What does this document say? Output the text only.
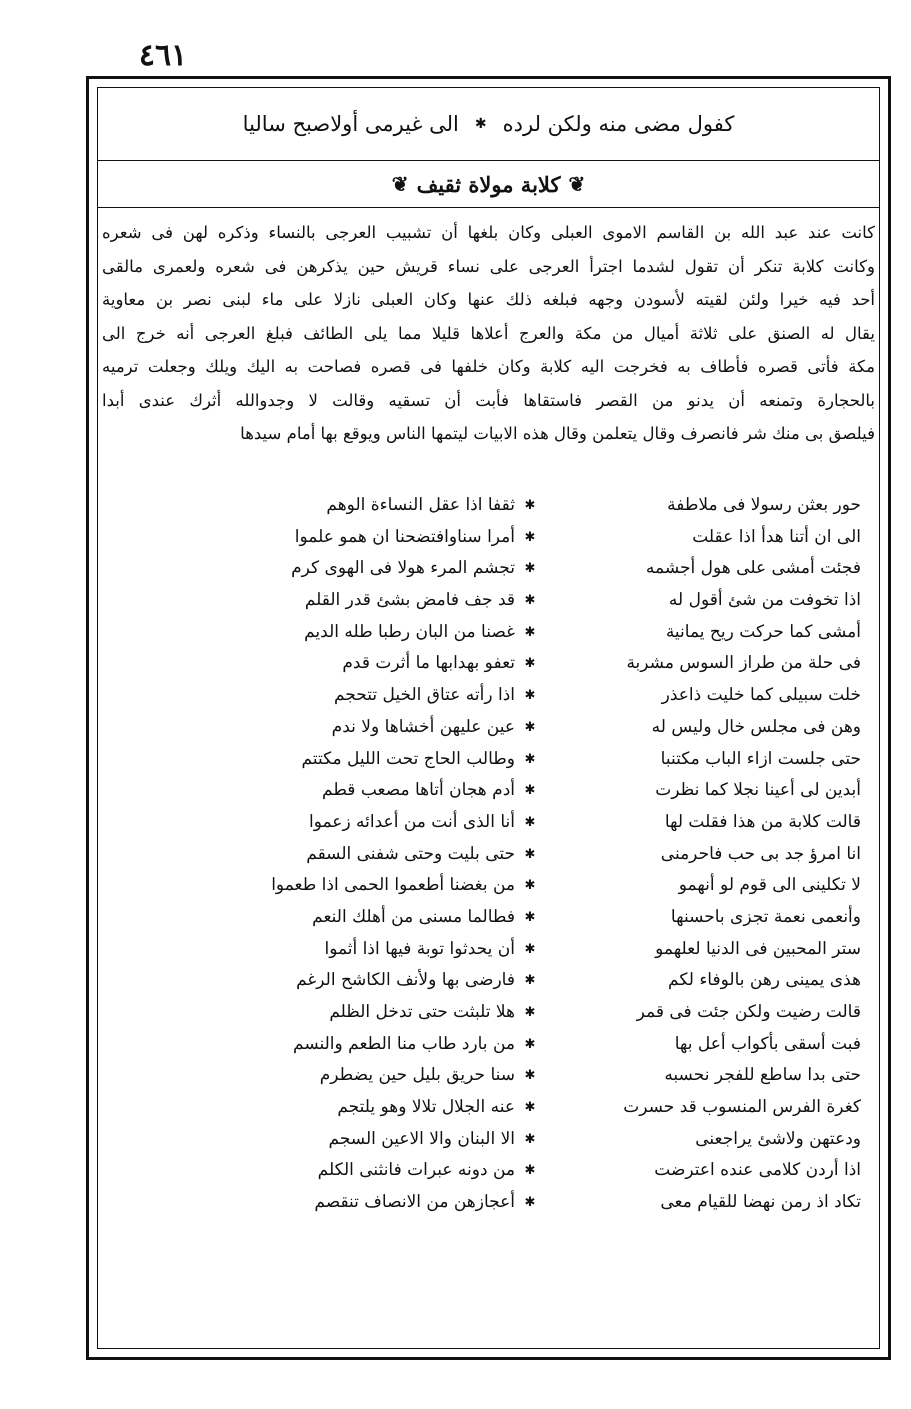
٤٦١
كفول مضى منه ولكن لرده
✱
الى غيرمى أولاصبح ساليا
❦
كلابة مولاة ثقيف
❦
كانت عند عبد الله بن القاسم الاموى العبلى وكان بلغها أن تشبيب العرجى بالنساء وذكره لهن فى شعره
وكانت كلابة تنكر أن تقول لشدما اجترأ العرجى على نساء قريش حين يذكرهن فى شعره ولعمرى مالقى
أحد فيه خيرا ولئن لقيته لأسودن وجهه فبلغه ذلك عنها وكان العبلى نازلا على ماء لبنى نصر بن معاوية
يقال له الصنق على ثلاثة أميال من مكة والعرج أعلاها قليلا مما يلى الطائف فبلغ العرجى أنه خرج الى
مكة فأتى قصره فأطاف به فخرجت اليه كلابة وكان خلفها فى قصره فصاحت به اليك ويلك وجعلت ترميه
بالحجارة وتمنعه أن يدنو من القصر فاستقاها فأبت أن تسقيه وقالت لا وجدوالله أثرك عندى أبدا
فيلصق بى منك شر فانصرف وقال يتعلمن وقال هذه الابيات ليتمها الناس ويوقع بها أمام سيدها
حور بعثن رسولا فى ملاطفة
✱
ثقفا اذا عقل النساءة الوهم
الى ان أتنا هدأ اذا عقلت
✱
أمرا سناوافتضحنا ان همو علموا
فجئت أمشى على هول أجشمه
✱
تجشم المرء هولا فى الهوى كرم
اذا تخوفت من شئ أقول له
✱
قد جف فامض بشئ قدر القلم
أمشى كما حركت ريح يمانية
✱
غصنا من البان رطبا طله الديم
فى حلة من طراز السوس مشربة
✱
تعفو بهدابها ما أثرت قدم
خلت سبيلى كما خليت ذاعذر
✱
اذا رأته عتاق الخيل تتحجم
وهن فى مجلس خال وليس له
✱
عين عليهن أخشاها ولا ندم
حتى جلست ازاء الباب مكتنبا
✱
وطالب الحاج تحت الليل مكتتم
أبدين لى أعينا نجلا كما نظرت
✱
أدم هجان أتاها مصعب قطم
قالت كلابة من هذا فقلت لها
✱
أنا الذى أنت من أعدائه زعموا
انا امرؤ جد بى حب فاحرمنى
✱
حتى بليت وحتى شفنى السقم
لا تكلينى الى قوم لو أنهمو
✱
من بغضنا أطعموا الحمى اذا طعموا
وأنعمى نعمة تجزى باحسنها
✱
فطالما مسنى من أهلك النعم
ستر المحبين فى الدنيا لعلهمو
✱
أن يحدثوا توبة فيها اذا أثموا
هذى يمينى رهن بالوفاء لكم
✱
فارضى بها ولأنف الكاشح الرغم
قالت رضيت ولكن جئت فى قمر
✱
هلا تلبثت حتى تدخل الظلم
فبت أسقى بأكواب أعل بها
✱
من بارد طاب منا الطعم والنسم
حتى بدا ساطع للفجر نحسبه
✱
سنا حريق بليل حين يضطرم
كغرة الفرس المنسوب قد حسرت
✱
عنه الجلال تلالا وهو يلتجم
ودعتهن ولاشئ يراجعنى
✱
الا البنان والا الاعين السجم
اذا أردن كلامى عنده اعترضت
✱
من دونه عبرات فانثنى الكلم
تكاد اذ رمن نهضا للقيام معى
✱
أعجازهن من الانصاف تنقصم
